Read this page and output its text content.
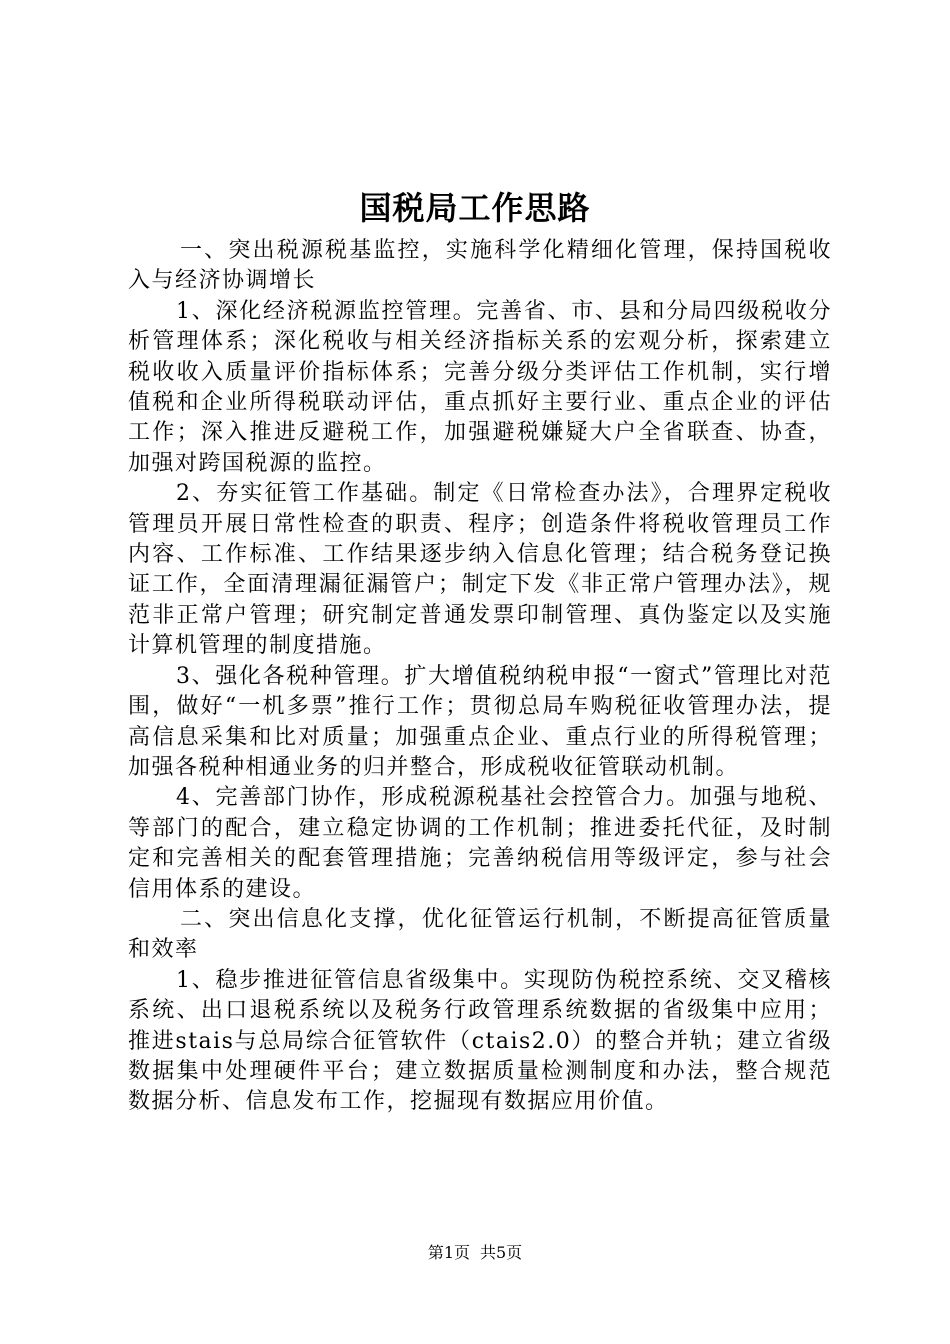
国税局工作思路

一、突出税源税基监控，实施科学化精细化管理，保持国税收入与经济协调增长

1、深化经济税源监控管理。完善省、市、县和分局四级税收分析管理体系；深化税收与相关经济指标关系的宏观分析，探索建立税收收入质量评价指标体系；完善分级分类评估工作机制，实行增值税和企业所得税联动评估，重点抓好主要行业、重点企业的评估工作；深入推进反避税工作，加强避税嫌疑大户全省联查、协查，加强对跨国税源的监控。

2、夯实征管工作基础。制定《日常检查办法》，合理界定税收管理员开展日常性检查的职责、程序；创造条件将税收管理员工作内容、工作标准、工作结果逐步纳入信息化管理；结合税务登记换证工作，全面清理漏征漏管户；制定下发《非正常户管理办法》，规范非正常户管理；研究制定普通发票印制管理、真伪鉴定以及实施计算机管理的制度措施。

3、强化各税种管理。扩大增值税纳税申报“一窗式”管理比对范围，做好“一机多票”推行工作；贯彻总局车购税征收管理办法，提高信息采集和比对质量；加强重点企业、重点行业的所得税管理；加强各税种相通业务的归并整合，形成税收征管联动机制。

4、完善部门协作，形成税源税基社会控管合力。加强与地税、等部门的配合，建立稳定协调的工作机制；推进委托代征，及时制定和完善相关的配套管理措施；完善纳税信用等级评定，参与社会信用体系的建设。

二、突出信息化支撑，优化征管运行机制，不断提高征管质量和效率

1、稳步推进征管信息省级集中。实现防伪税控系统、交叉稽核系统、出口退税系统以及税务行政管理系统数据的省级集中应用；推进stais与总局综合征管软件（ctais2.0）的整合并轨；建立省级数据集中处理硬件平台；建立数据质量检测制度和办法，整合规范数据分析、信息发布工作，挖掘现有数据应用价值。

第1页 共5页
